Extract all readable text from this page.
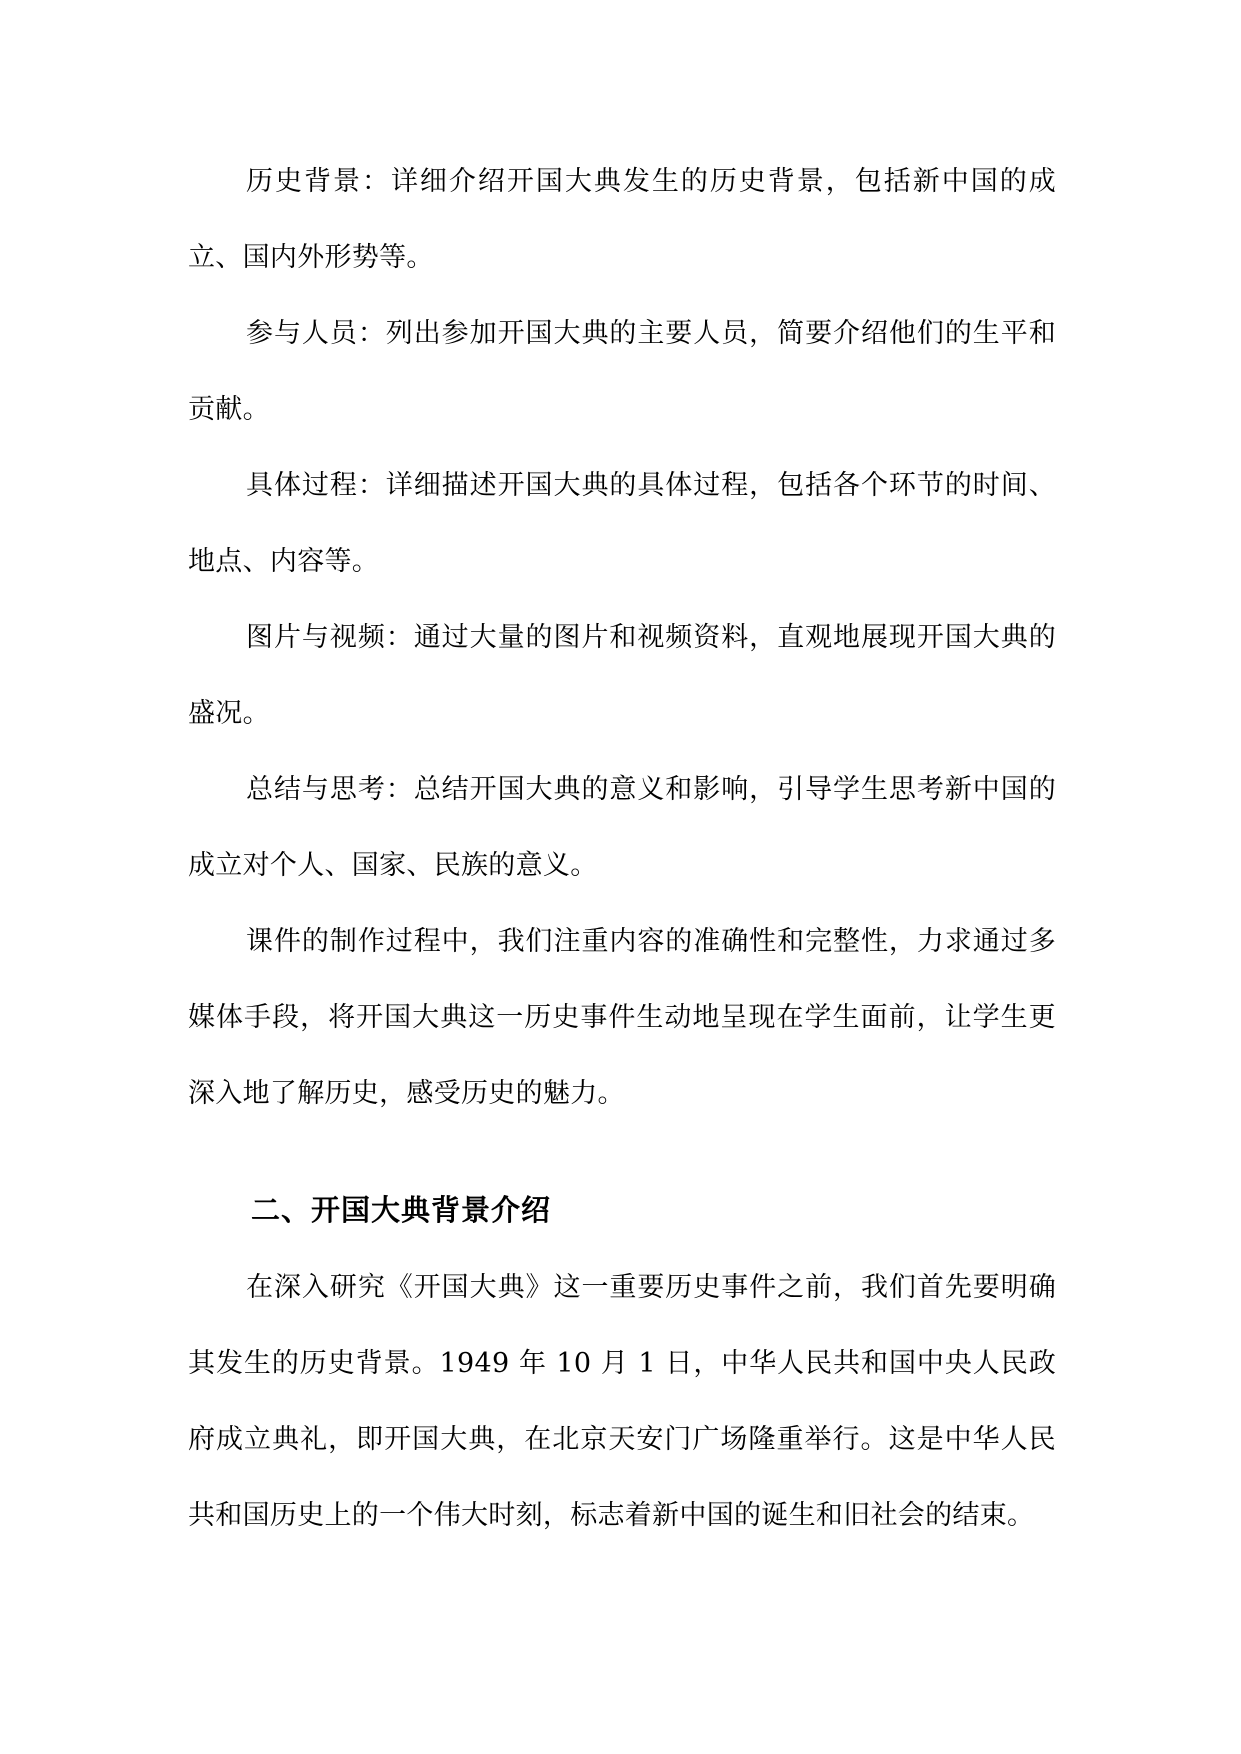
历史背景：详细介绍开国大典发生的历史背景，包括新中国的成立、国内外形势等。

参与人员：列出参加开国大典的主要人员，简要介绍他们的生平和贡献。

具体过程：详细描述开国大典的具体过程，包括各个环节的时间、地点、内容等。

图片与视频：通过大量的图片和视频资料，直观地展现开国大典的盛况。

总结与思考：总结开国大典的意义和影响，引导学生思考新中国的成立对个人、国家、民族的意义。

课件的制作过程中，我们注重内容的准确性和完整性，力求通过多媒体手段，将开国大典这一历史事件生动地呈现在学生面前，让学生更深入地了解历史，感受历史的魅力。

二、开国大典背景介绍

在深入研究《开国大典》这一重要历史事件之前，我们首先要明确其发生的历史背景。1949 年 10 月 1 日，中华人民共和国中央人民政府成立典礼，即开国大典，在北京天安门广场隆重举行。这是中华人民共和国历史上的一个伟大时刻，标志着新中国的诞生和旧社会的结束。
